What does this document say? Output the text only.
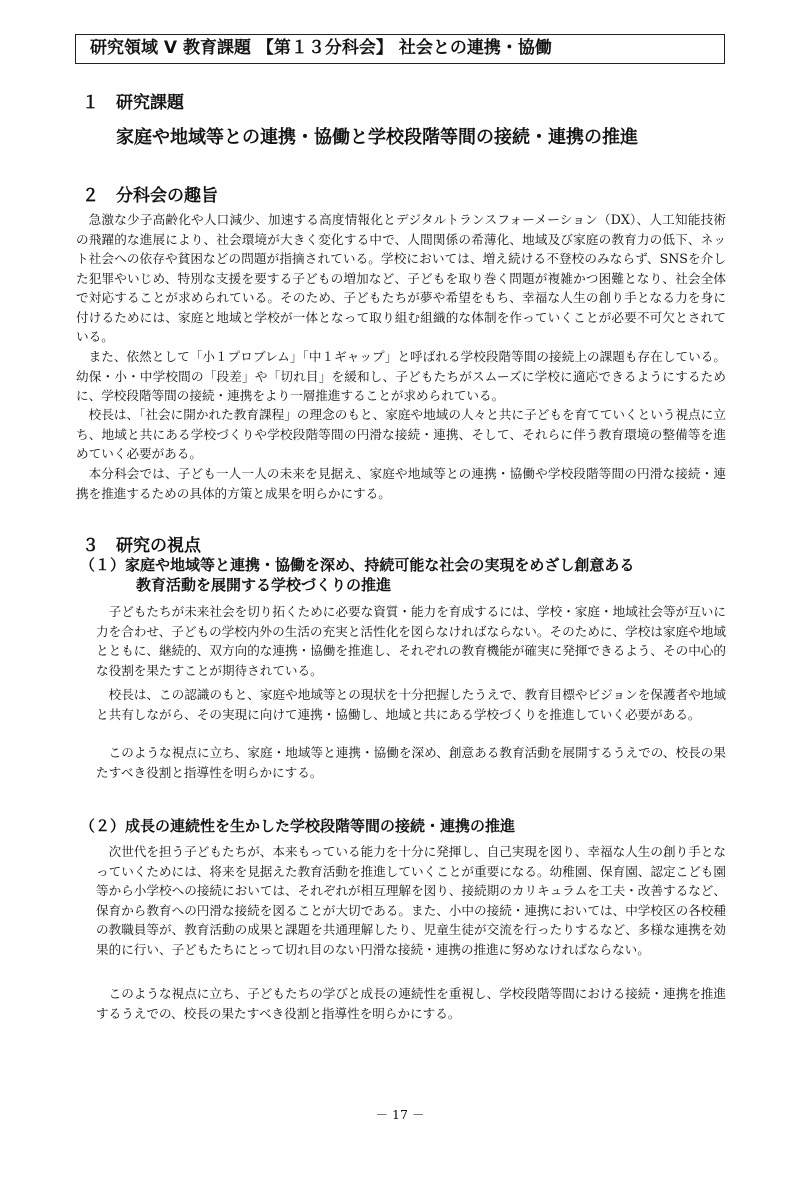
研究領域 Ⅴ 教育課題 【第１３分科会】 社会との連携・協働
１　研究課題
家庭や地域等との連携・協働と学校段階等間の接続・連携の推進
２　分科会の趣旨

急激な少子高齢化や人口減少、加速する高度情報化とデジタルトランスフォーメーション（DX）、人工知能技術の飛躍的な進展により、社会環境が大きく変化する中で、人間関係の希薄化、地域及び家庭の教育力の低下、ネット社会への依存や貧困などの問題が指摘されている。学校においては、増え続ける不登校のみならず、SNSを介した犯罪やいじめ、特別な支援を要する子どもの増加など、子どもを取り巻く問題が複雑かつ困難となり、社会全体で対応することが求められている。そのため、子どもたちが夢や希望をもち、幸福な人生の創り手となる力を身に付けるためには、家庭と地域と学校が一体となって取り組む組織的な体制を作っていくことが必要不可欠とされている。

また、依然として「小１プロブレム」「中１ギャップ」と呼ばれる学校段階等間の接続上の課題も存在している。幼保・小・中学校間の「段差」や「切れ目」を緩和し、子どもたちがスムーズに学校に適応できるようにするために、学校段階等間の接続・連携をより一層推進することが求められている。

校長は、「社会に開かれた教育課程」の理念のもと、家庭や地域の人々と共に子どもを育てていくという視点に立ち、地域と共にある学校づくりや学校段階等間の円滑な接続・連携、そして、それらに伴う教育環境の整備等を進めていく必要がある。

本分科会では、子ども一人一人の未来を見据え、家庭や地域等との連携・協働や学校段階等間の円滑な接続・連携を推進するための具体的方策と成果を明らかにする。

３　研究の視点
（１）家庭や地域等と連携・協働を深め、持続可能な社会の実現をめざし創意ある
教育活動を展開する学校づくりの推進

子どもたちが未来社会を切り拓くために必要な資質・能力を育成するには、学校・家庭・地域社会等が互いに力を合わせ、子どもの学校内外の生活の充実と活性化を図らなければならない。そのために、学校は家庭や地域とともに、継続的、双方向的な連携・協働を推進し、それぞれの教育機能が確実に発揮できるよう、その中心的な役割を果たすことが期待されている。

校長は、この認識のもと、家庭や地域等との現状を十分把握したうえで、教育目標やビジョンを保護者や地域と共有しながら、その実現に向けて連携・協働し、地域と共にある学校づくりを推進していく必要がある。

このような視点に立ち、家庭・地域等と連携・協働を深め、創意ある教育活動を展開するうえでの、校長の果たすべき役割と指導性を明らかにする。

（２）成長の連続性を生かした学校段階等間の接続・連携の推進

次世代を担う子どもたちが、本来もっている能力を十分に発揮し、自己実現を図り、幸福な人生の創り手となっていくためには、将来を見据えた教育活動を推進していくことが重要になる。幼稚園、保育園、認定こども園等から小学校への接続においては、それぞれが相互理解を図り、接続期のカリキュラムを工夫・改善するなど、保育から教育への円滑な接続を図ることが大切である。また、小中の接続・連携においては、中学校区の各校種の教職員等が、教育活動の成果と課題を共通理解したり、児童生徒が交流を行ったりするなど、多様な連携を効果的に行い、子どもたちにとって切れ目のない円滑な接続・連携の推進に努めなければならない。

このような視点に立ち、子どもたちの学びと成長の連続性を重視し、学校段階等間における接続・連携を推進するうえでの、校長の果たすべき役割と指導性を明らかにする。

－ 17 －
